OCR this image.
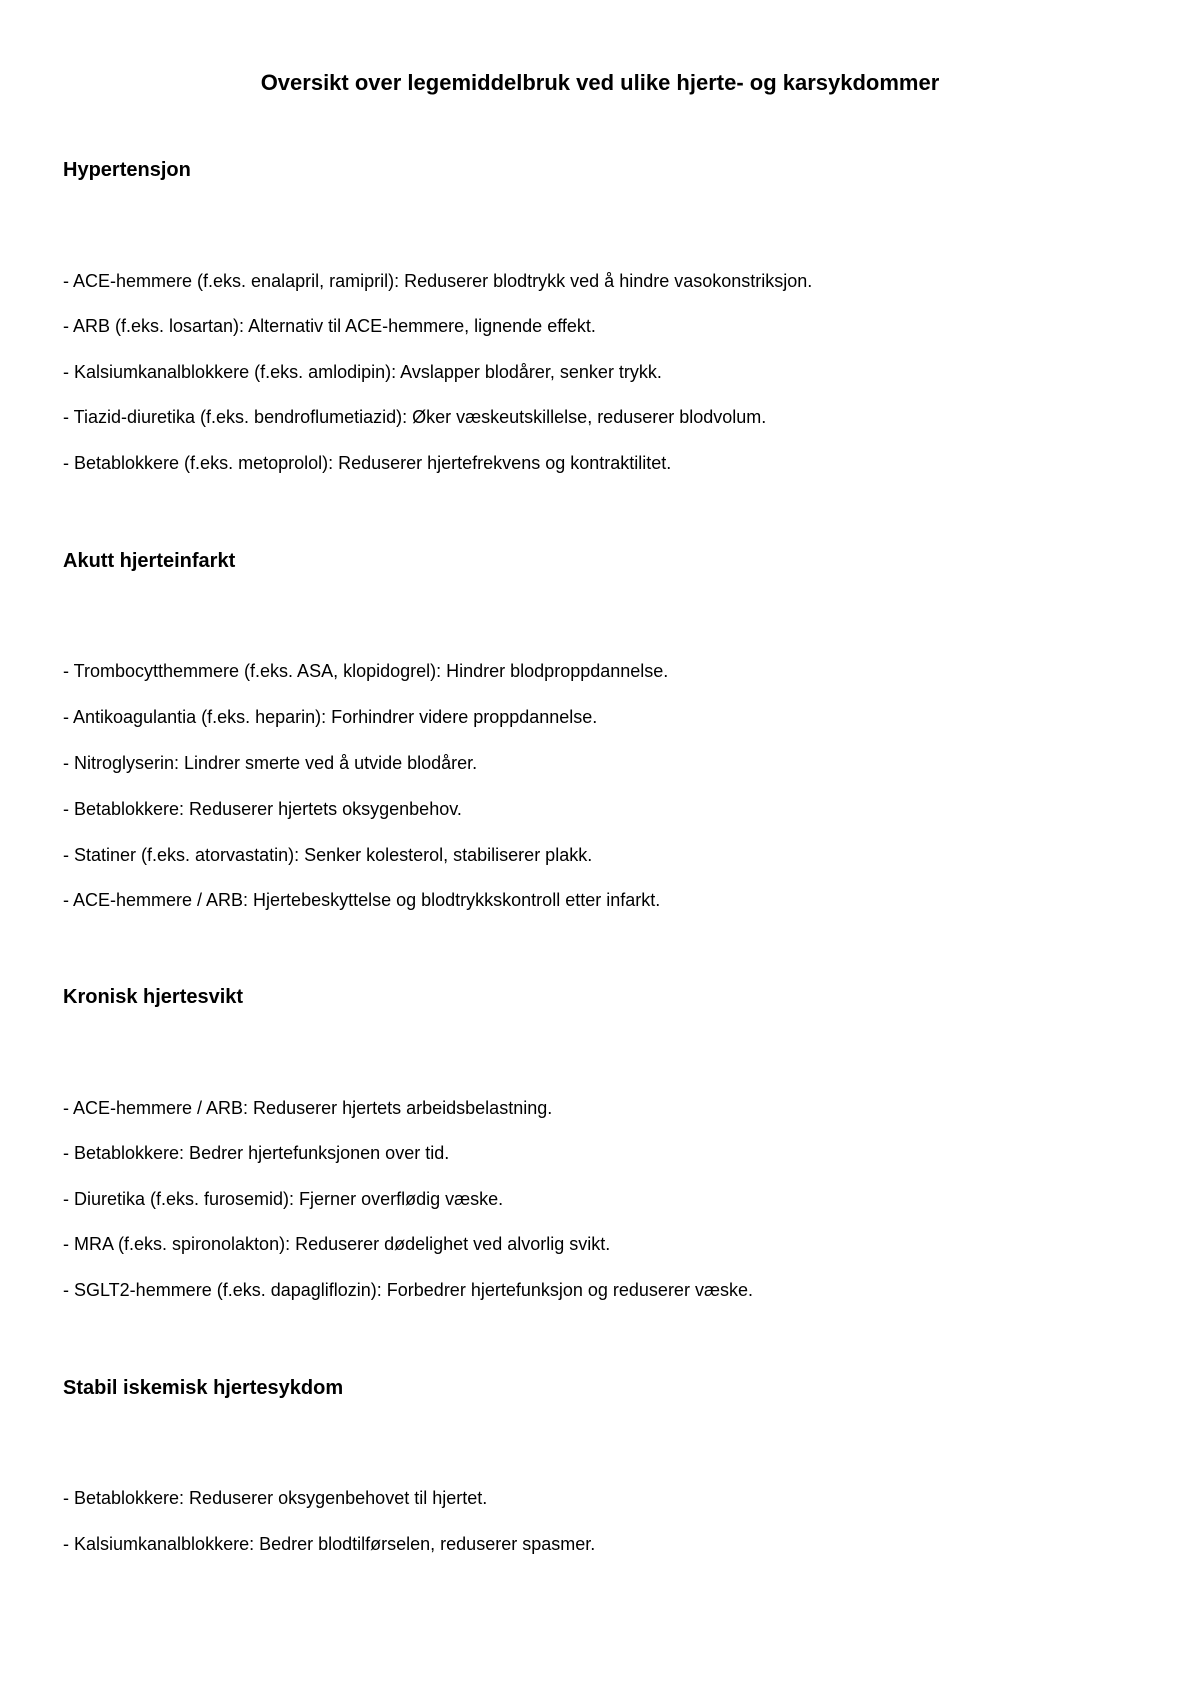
Oversikt over legemiddelbruk ved ulike hjerte- og karsykdommer
Hypertensjon

- ACE-hemmere (f.eks. enalapril, ramipril): Reduserer blodtrykk ved å hindre vasokonstriksjon.

- ARB (f.eks. losartan): Alternativ til ACE-hemmere, lignende effekt.

- Kalsiumkanalblokkere (f.eks. amlodipin): Avslapper blodårer, senker trykk.

- Tiazid-diuretika (f.eks. bendroflumetiazid): Øker væskeutskillelse, reduserer blodvolum.

- Betablokkere (f.eks. metoprolol): Reduserer hjertefrekvens og kontraktilitet.

Akutt hjerteinfarkt

- Trombocytthemmere (f.eks. ASA, klopidogrel): Hindrer blodproppdannelse.

- Antikoagulantia (f.eks. heparin): Forhindrer videre proppdannelse.

- Nitroglyserin: Lindrer smerte ved å utvide blodårer.

- Betablokkere: Reduserer hjertets oksygenbehov.

- Statiner (f.eks. atorvastatin): Senker kolesterol, stabiliserer plakk.

- ACE-hemmere / ARB: Hjertebeskyttelse og blodtrykkskontroll etter infarkt.

Kronisk hjertesvikt

- ACE-hemmere / ARB: Reduserer hjertets arbeidsbelastning.

- Betablokkere: Bedrer hjertefunksjonen over tid.

- Diuretika (f.eks. furosemid): Fjerner overflødig væske.

- MRA (f.eks. spironolakton): Reduserer dødelighet ved alvorlig svikt.

- SGLT2-hemmere (f.eks. dapagliflozin): Forbedrer hjertefunksjon og reduserer væske.

Stabil iskemisk hjertesykdom

- Betablokkere: Reduserer oksygenbehovet til hjertet.

- Kalsiumkanalblokkere: Bedrer blodtilførselen, reduserer spasmer.
